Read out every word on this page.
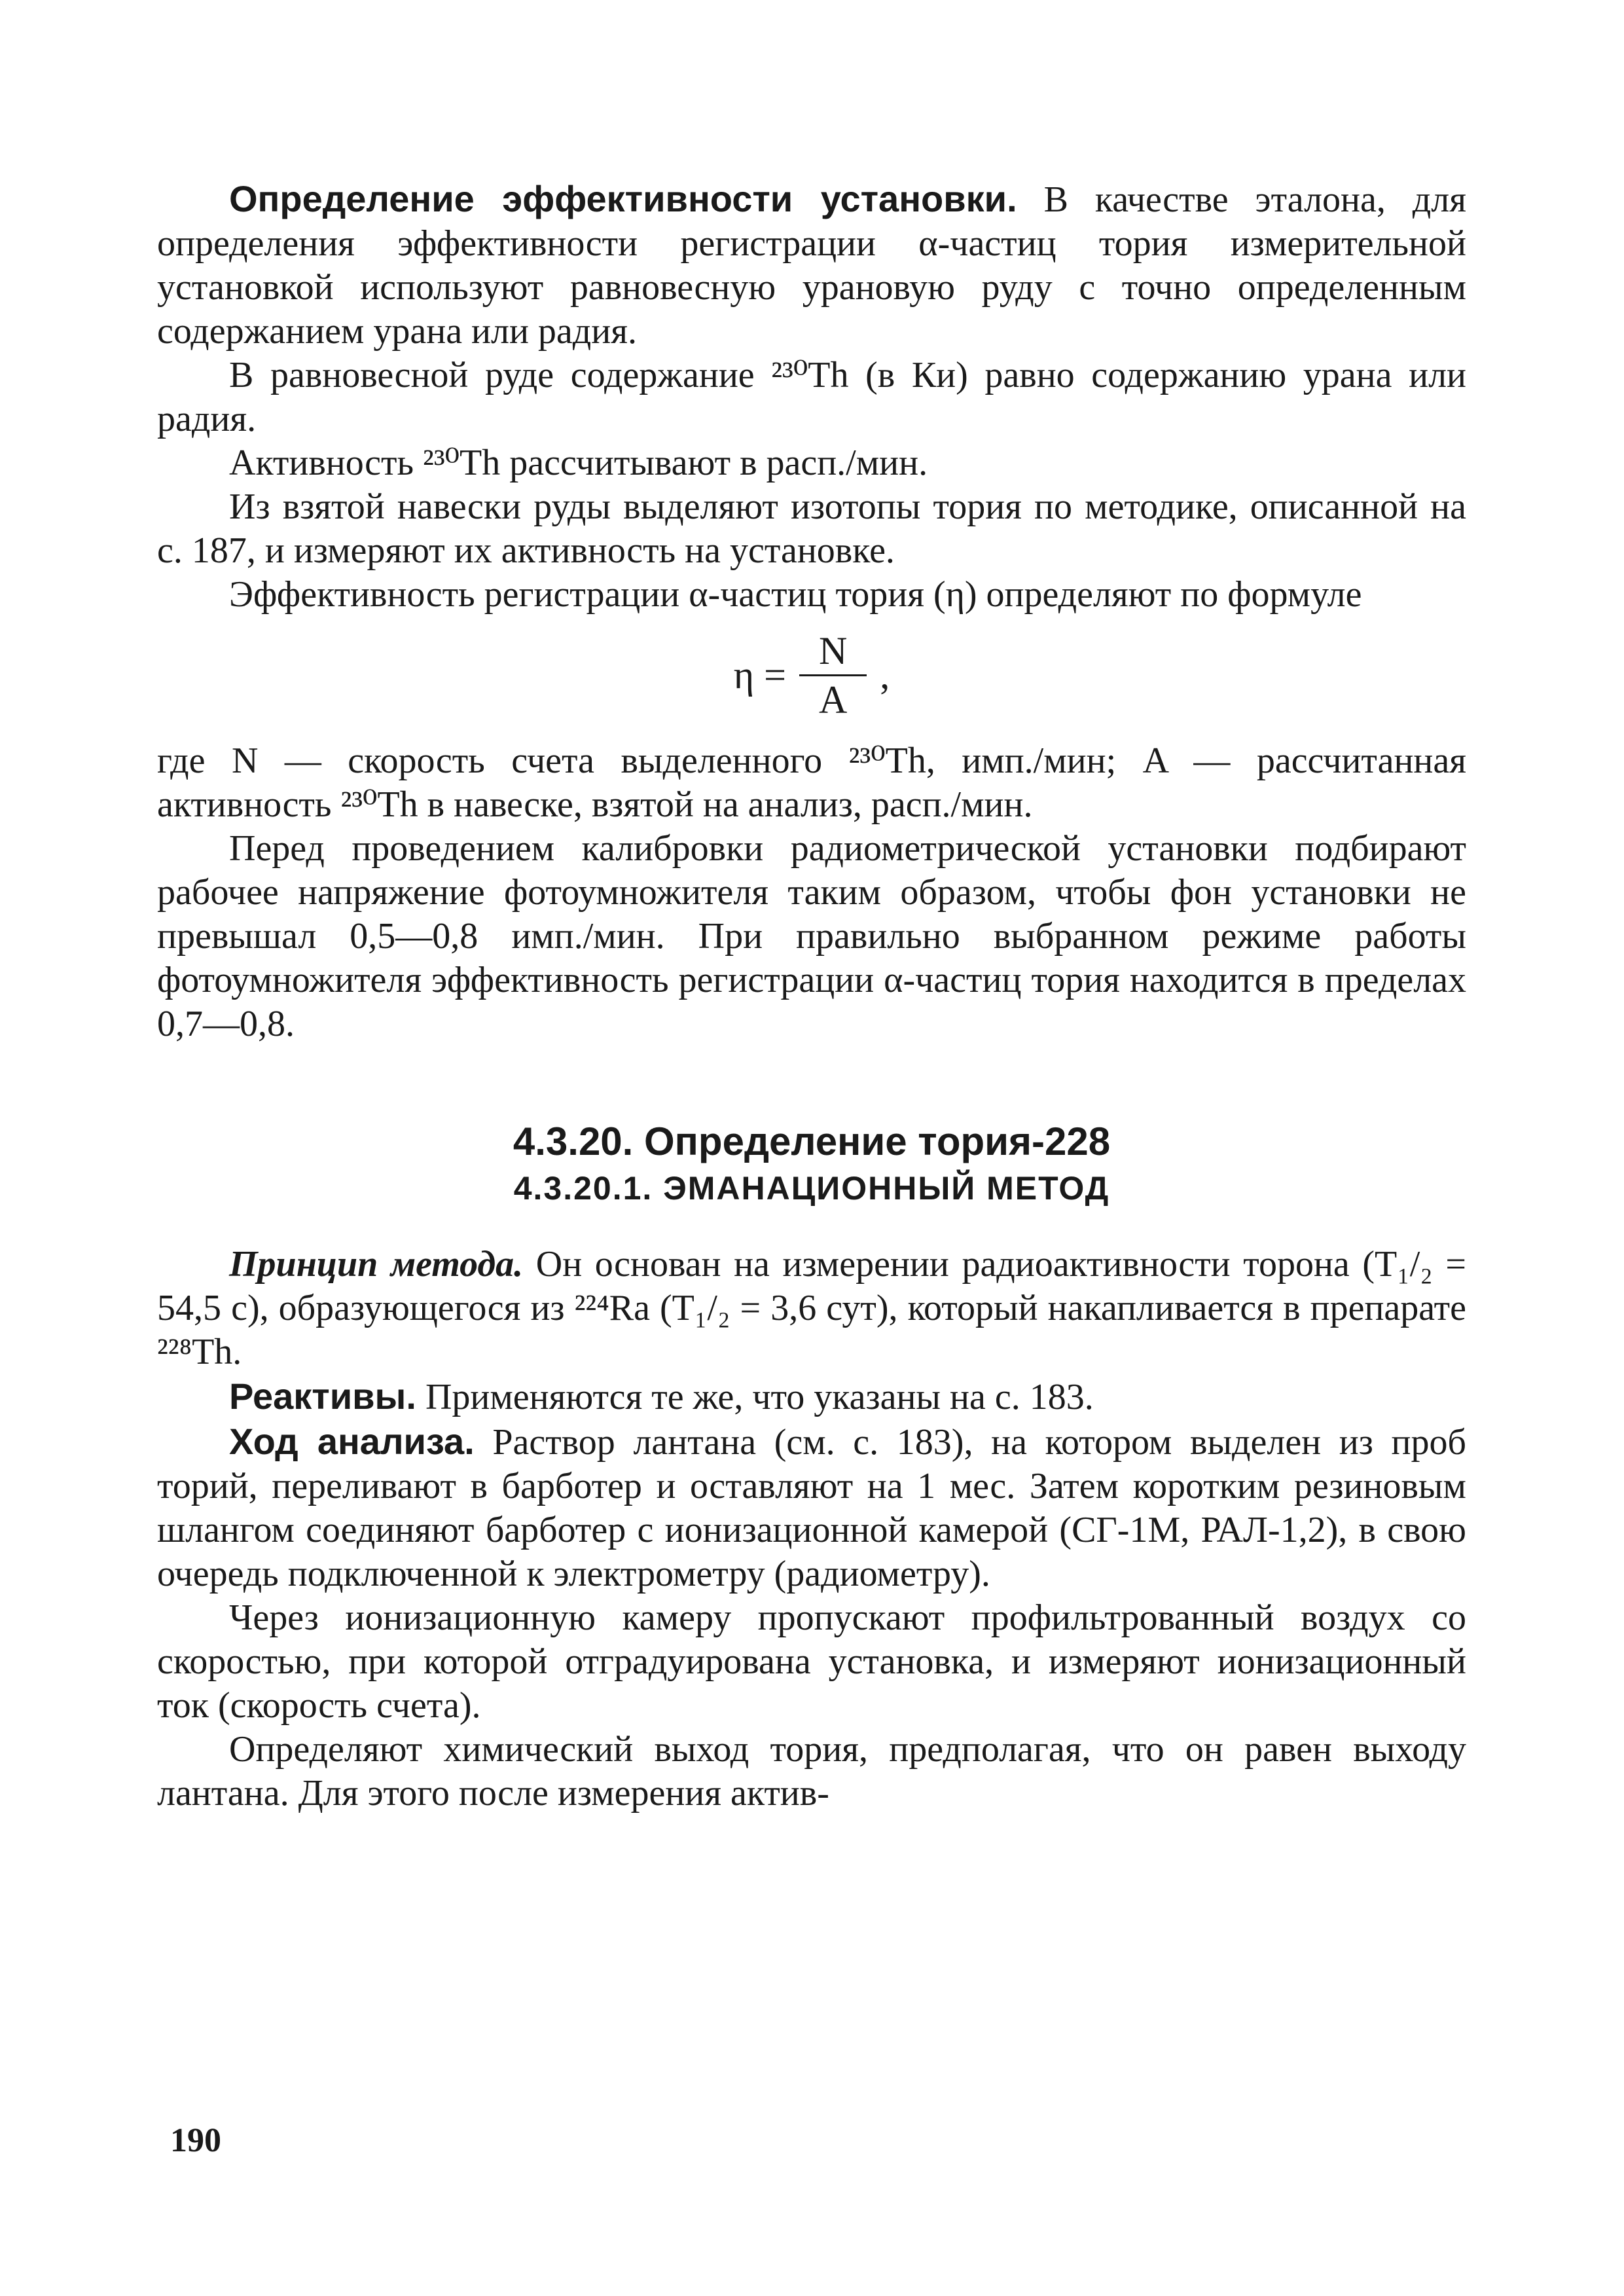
Определение эффективности установки. В качестве эталона, для определения эффективности регистрации α-частиц тория измерительной установкой используют равновесную урановую руду с точно определенным содержанием урана или радия.

В равновесной руде содержание ²³⁰Th (в Ки) равно содержанию урана или радия.

Активность ²³⁰Th рассчитывают в расп./мин.

Из взятой навески руды выделяют изотопы тория по методике, описанной на с. 187, и измеряют их активность на установке.

Эффективность регистрации α-частиц тория (η) определяют по формуле

$\eta = \frac{N}{A}$ ,

где N — скорость счета выделенного ²³⁰Th, имп./мин; A — рассчитанная активность ²³⁰Th в навеске, взятой на анализ, расп./мин.

Перед проведением калибровки радиометрической установки подбирают рабочее напряжение фотоумножителя таким образом, чтобы фон установки не превышал 0,5—0,8 имп./мин. При правильно выбранном режиме работы фотоумножителя эффективность регистрации α-частиц тория находится в пределах 0,7—0,8.

4.3.20. Определение тория-228
4.3.20.1. ЭМАНАЦИОННЫЙ МЕТОД

Принцип метода. Он основан на измерении радиоактивности торона (T₁/₂ = 54,5 с), образующегося из ²²⁴Ra (T₁/₂ = 3,6 сут), который накапливается в препарате ²²⁸Th.

Реактивы. Применяются те же, что указаны на с. 183.

Ход анализа. Раствор лантана (см. с. 183), на котором выделен из проб торий, переливают в барботер и оставляют на 1 мес. Затем коротким резиновым шлангом соединяют барботер с ионизационной камерой (СГ-1М, РАЛ-1,2), в свою очередь подключенной к электрометру (радиометру).

Через ионизационную камеру пропускают профильтрованный воздух со скоростью, при которой отградуирована установка, и измеряют ионизационный ток (скорость счета).

Определяют химический выход тория, предполагая, что он равен выходу лантана. Для этого после измерения актив-

190
